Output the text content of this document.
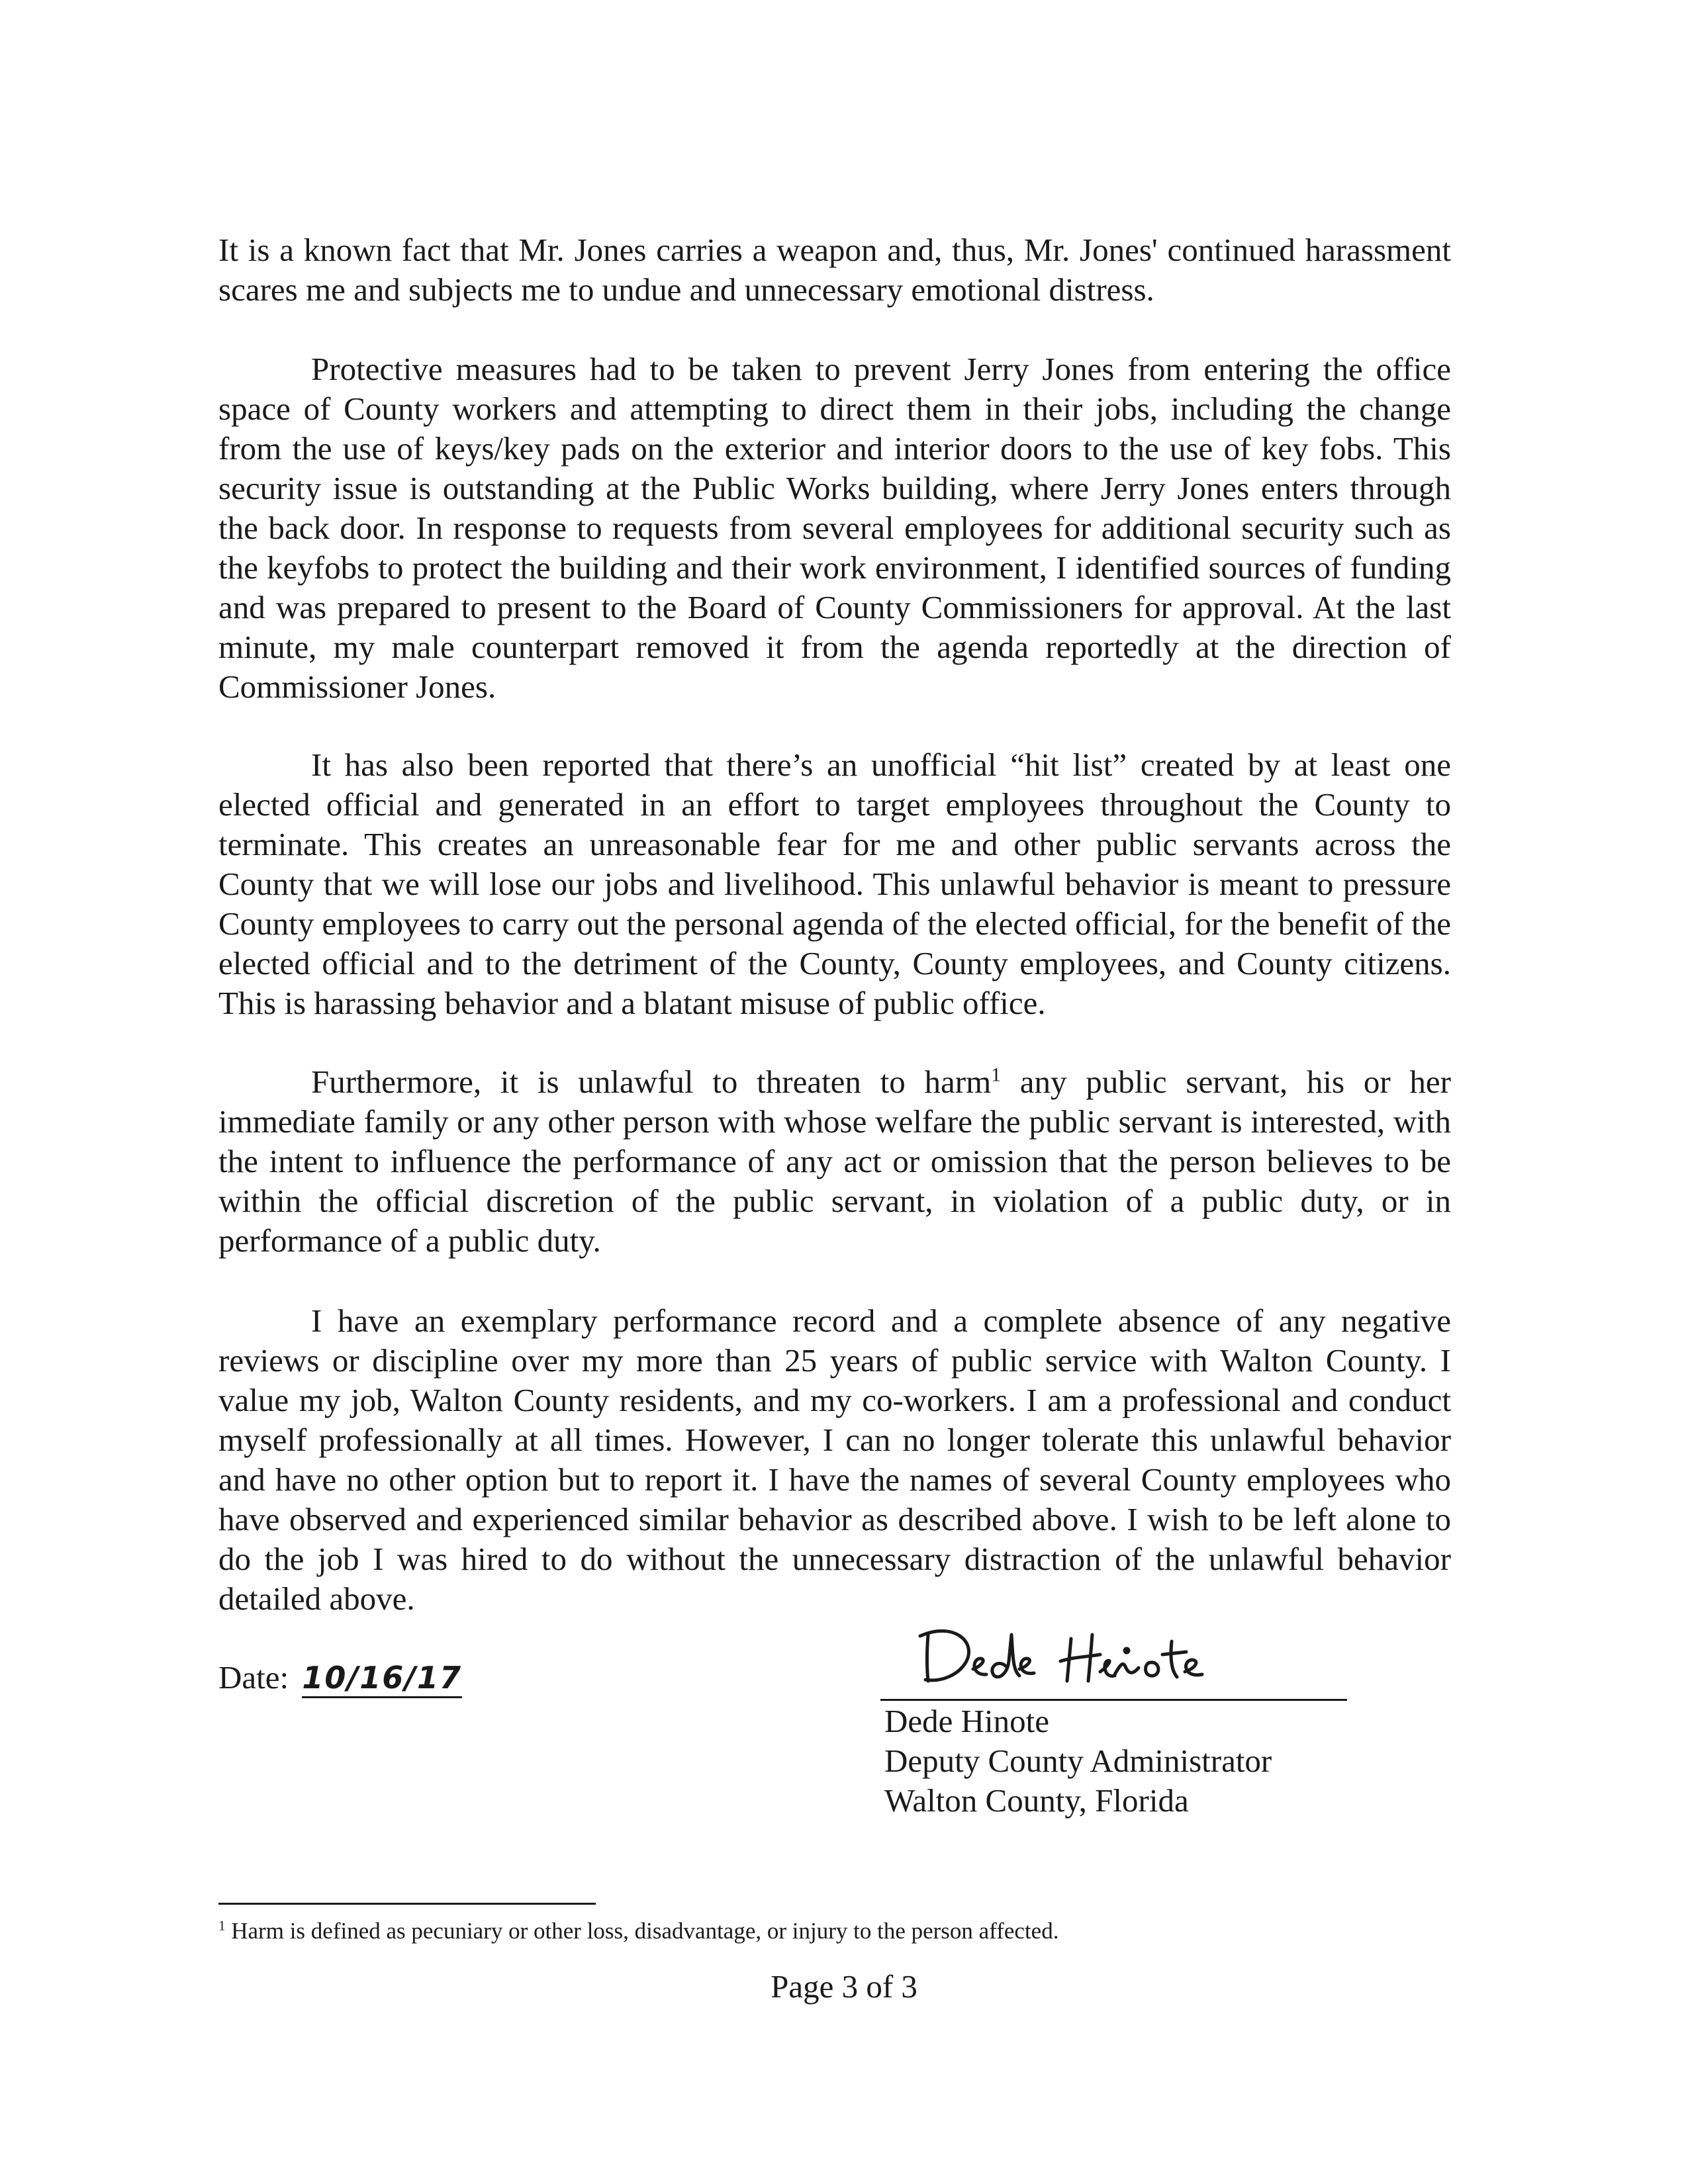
It is a known fact that Mr. Jones carries a weapon and, thus, Mr. Jones' continued harassment scares me and subjects me to undue and unnecessary emotional distress.

Protective measures had to be taken to prevent Jerry Jones from entering the office space of County workers and attempting to direct them in their jobs, including the change from the use of keys/key pads on the exterior and interior doors to the use of key fobs. This security issue is outstanding at the Public Works building, where Jerry Jones enters through the back door. In response to requests from several employees for additional security such as the keyfobs to protect the building and their work environment, I identified sources of funding and was prepared to present to the Board of County Commissioners for approval. At the last minute, my male counterpart removed it from the agenda reportedly at the direction of Commissioner Jones.

It has also been reported that there’s an unofficial “hit list” created by at least one elected official and generated in an effort to target employees throughout the County to terminate. This creates an unreasonable fear for me and other public servants across the County that we will lose our jobs and livelihood. This unlawful behavior is meant to pressure County employees to carry out the personal agenda of the elected official, for the benefit of the elected official and to the detriment of the County, County employees, and County citizens. This is harassing behavior and a blatant misuse of public office.

Furthermore, it is unlawful to threaten to harm$^1$ any public servant, his or her immediate family or any other person with whose welfare the public servant is interested, with the intent to influence the performance of any act or omission that the person believes to be within the official discretion of the public servant, in violation of a public duty, or in performance of a public duty.

I have an exemplary performance record and a complete absence of any negative reviews or discipline over my more than 25 years of public service with Walton County. I value my job, Walton County residents, and my co-workers. I am a professional and conduct myself professionally at all times. However, I can no longer tolerate this unlawful behavior and have no other option but to report it. I have the names of several County employees who have observed and experienced similar behavior as described above. I wish to be left alone to do the job I was hired to do without the unnecessary distraction of the unlawful behavior detailed above.

Date: 10/16/17
Dede Hinote
Deputy County Administrator
Walton County, Florida
$^1$ Harm is defined as pecuniary or other loss, disadvantage, or injury to the person affected.
Page 3 of 3
